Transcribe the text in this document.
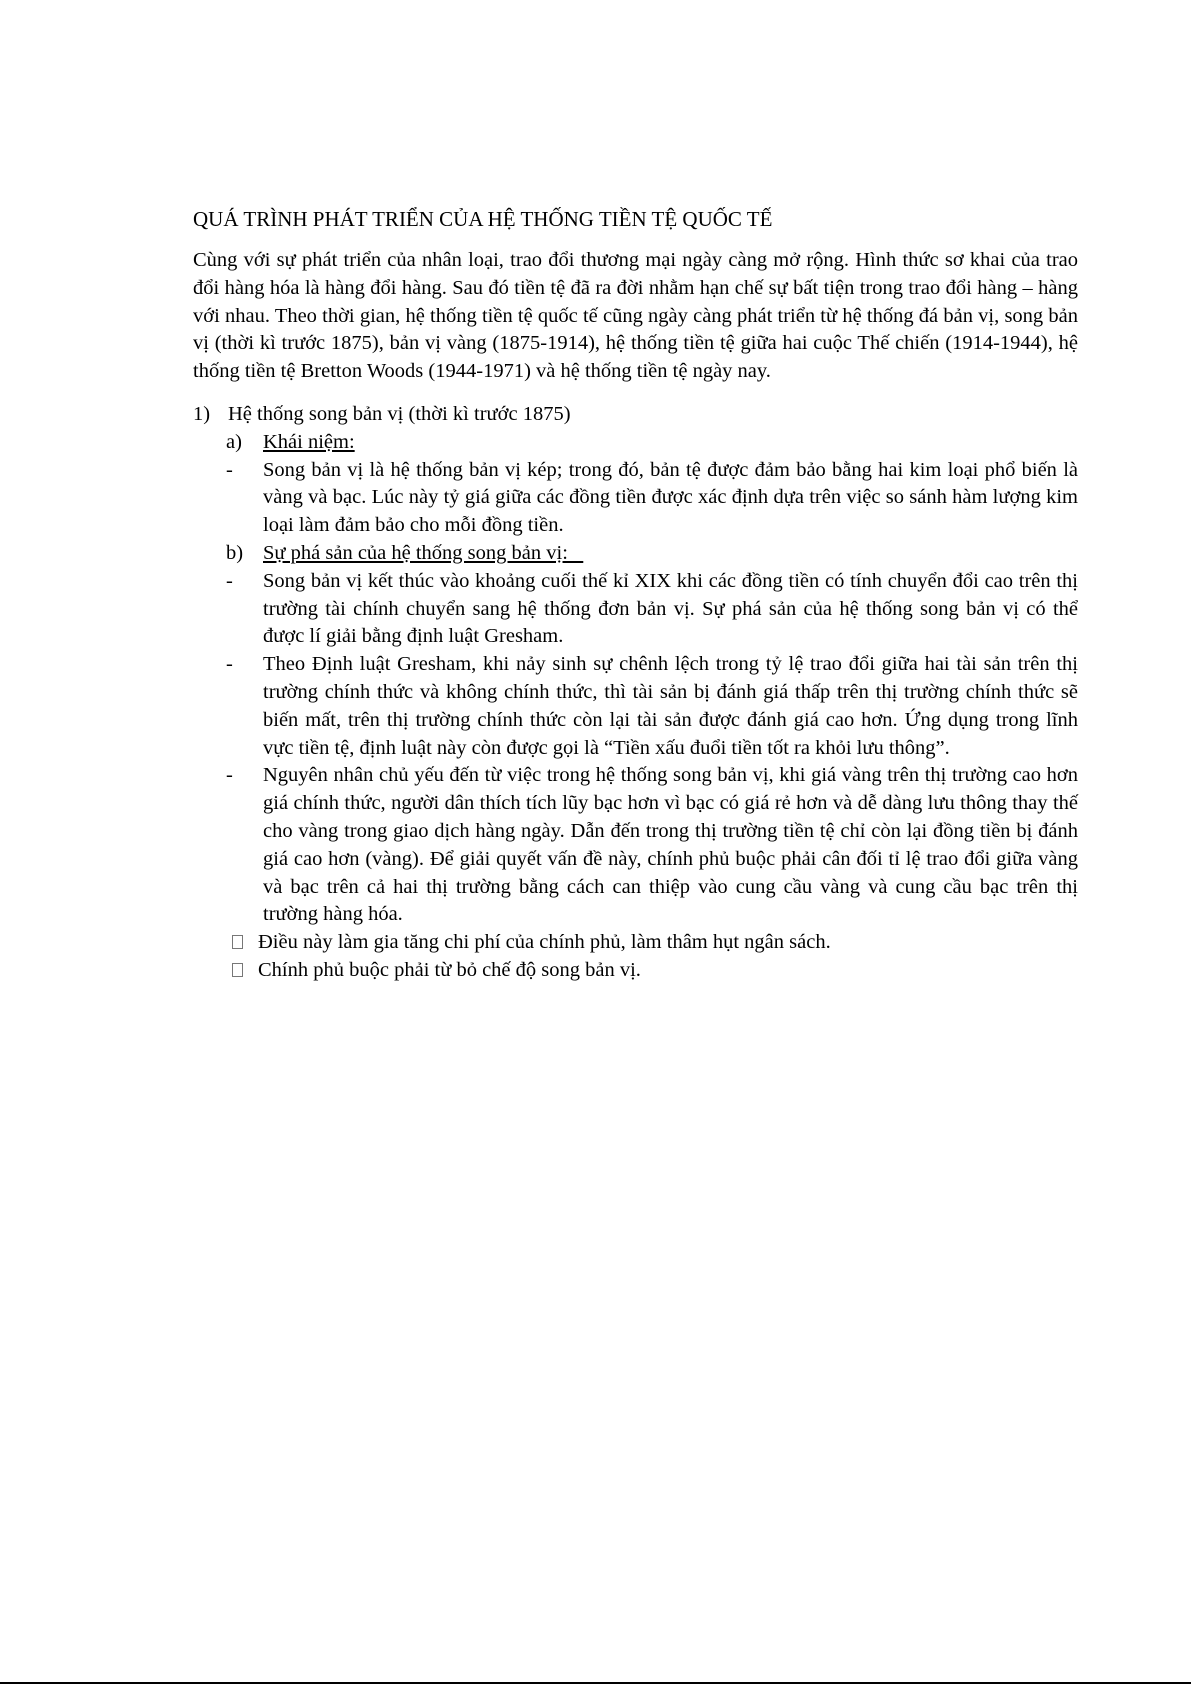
QUÁ TRÌNH PHÁT TRIỂN CỦA HỆ THỐNG TIỀN TỆ QUỐC TẾ

Cùng với sự phát triển của nhân loại, trao đổi thương mại ngày càng mở rộng. Hình thức sơ khai của trao đổi hàng hóa là hàng đổi hàng. Sau đó tiền tệ đã ra đời nhằm hạn chế sự bất tiện trong trao đổi hàng – hàng với nhau. Theo thời gian, hệ thống tiền tệ quốc tế cũng ngày càng phát triển từ hệ thống đá bản vị, song bản vị (thời kì trước 1875), bản vị vàng (1875-1914), hệ thống tiền tệ giữa hai cuộc Thế chiến (1914-1944), hệ thống tiền tệ Bretton Woods (1944-1971) và hệ thống tiền tệ ngày nay.

1) Hệ thống song bản vị (thời kì trước 1875)
a) Khái niệm:
- Song bản vị là hệ thống bản vị kép; trong đó, bản tệ được đảm bảo bằng hai kim loại phổ biến là vàng và bạc. Lúc này tỷ giá giữa các đồng tiền được xác định dựa trên việc so sánh hàm lượng kim loại làm đảm bảo cho mỗi đồng tiền.
b) Sự phá sản của hệ thống song bản vị:
- Song bản vị kết thúc vào khoảng cuối thế kỉ XIX khi các đồng tiền có tính chuyển đổi cao trên thị trường tài chính chuyển sang hệ thống đơn bản vị. Sự phá sản của hệ thống song bản vị có thể được lí giải bằng định luật Gresham.
- Theo Định luật Gresham, khi nảy sinh sự chênh lệch trong tỷ lệ trao đổi giữa hai tài sản trên thị trường chính thức và không chính thức, thì tài sản bị đánh giá thấp trên thị trường chính thức sẽ biến mất, trên thị trường chính thức còn lại tài sản được đánh giá cao hơn. Ứng dụng trong lĩnh vực tiền tệ, định luật này còn được gọi là “Tiền xấu đuổi tiền tốt ra khỏi lưu thông”.
- Nguyên nhân chủ yếu đến từ việc trong hệ thống song bản vị, khi giá vàng trên thị trường cao hơn giá chính thức, người dân thích tích lũy bạc hơn vì bạc có giá rẻ hơn và dễ dàng lưu thông thay thế cho vàng trong giao dịch hàng ngày. Dẫn đến trong thị trường tiền tệ chỉ còn lại đồng tiền bị đánh giá cao hơn (vàng). Để giải quyết vấn đề này, chính phủ buộc phải cân đối tỉ lệ trao đổi giữa vàng và bạc trên cả hai thị trường bằng cách can thiệp vào cung cầu vàng và cung cầu bạc trên thị trường hàng hóa.
Điều này làm gia tăng chi phí của chính phủ, làm thâm hụt ngân sách.
Chính phủ buộc phải từ bỏ chế độ song bản vị.
